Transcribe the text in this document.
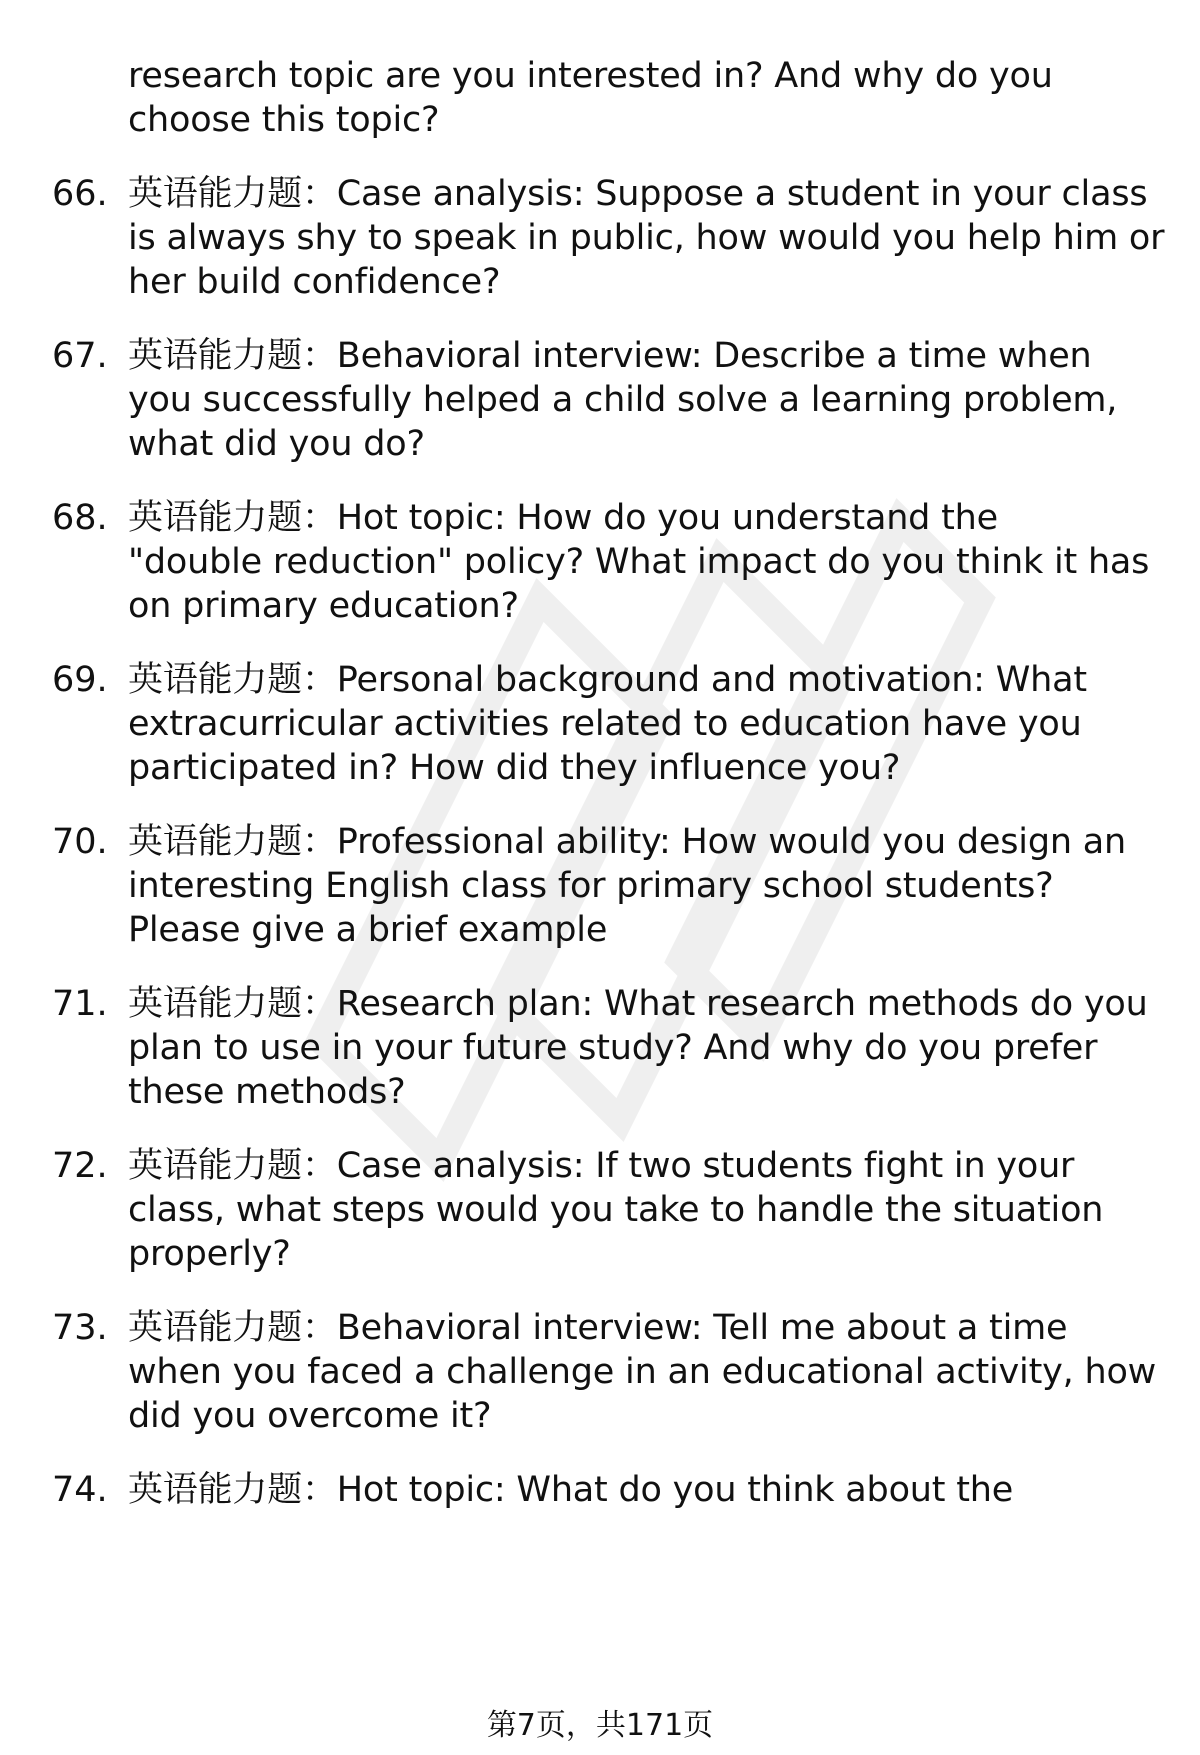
research topic are you interested in? And why do you
choose this topic?
66. 英语能力题：Case analysis: Suppose a student in your class
is always shy to speak in public, how would you help him or
her build confidence?
67. 英语能力题：Behavioral interview: Describe a time when
you successfully helped a child solve a learning problem,
what did you do?
68. 英语能力题：Hot topic: How do you understand the
"double reduction" policy? What impact do you think it has
on primary education?
69. 英语能力题：Personal background and motivation: What
extracurricular activities related to education have you
participated in? How did they influence you?
70. 英语能力题：Professional ability: How would you design an
interesting English class for primary school students?
Please give a brief example
71. 英语能力题：Research plan: What research methods do you
plan to use in your future study? And why do you prefer
these methods?
72. 英语能力题：Case analysis: If two students fight in your
class, what steps would you take to handle the situation
properly?
73. 英语能力题：Behavioral interview: Tell me about a time
when you faced a challenge in an educational activity, how
did you overcome it?
74. 英语能力题：Hot topic: What do you think about the
第7页，共171页
